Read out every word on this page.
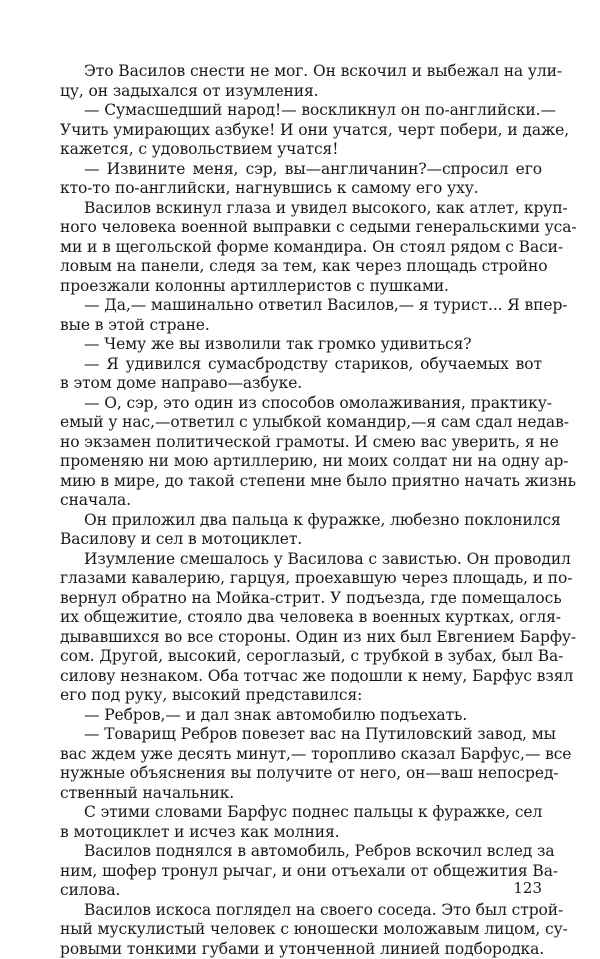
Это Василов снести не мог. Он вскочил и выбежал на ули-
цу, он задыхался от изумления.
— Сумасшедший народ!— воскликнул он по-английски.—
Учить умирающих азбуке! И они учатся, черт побери, и даже,
кажется, с удовольствием учатся!
— Извините меня, сэр, вы—англичанин?—спросил его
кто-то по-английски, нагнувшись к самому его уху.
Василов вскинул глаза и увидел высокого, как атлет, круп-
ного человека военной выправки с седыми генеральскими уса-
ми и в щегольской форме командира. Он стоял рядом с Васи-
ловым на панели, следя за тем, как через площадь стройно
проезжали колонны артиллеристов с пушками.
— Да,— машинально ответил Василов,— я турист... Я впер-
вые в этой стране.
— Чему же вы изволили так громко удивиться?
— Я удивился сумасбродству стариков, обучаемых вот
в этом доме направо—азбуке.
— О, сэр, это один из способов омолаживания, практику-
емый у нас,—ответил с улыбкой командир,—я сам сдал недав-
но экзамен политической грамоты. И смею вас уверить, я не
променяю ни мою артиллерию, ни моих солдат ни на одну ар-
мию в мире, до такой степени мне было приятно начать жизнь
сначала.
Он приложил два пальца к фуражке, любезно поклонился
Василову и сел в мотоциклет.
Изумление смешалось у Василова с завистью. Он проводил
глазами кавалерию, гарцуя, проехавшую через площадь, и по-
вернул обратно на Мойка-стрит. У подъезда, где помещалось
их общежитие, стояло два человека в военных куртках, огля-
дывавшихся во все стороны. Один из них был Евгением Барфу-
сом. Другой, высокий, сероглазый, с трубкой в зубах, был Ва-
силову незнаком. Оба тотчас же подошли к нему, Барфус взял
его под руку, высокий представился:
— Ребров,— и дал знак автомобилю подъехать.
— Товарищ Ребров повезет вас на Путиловский завод, мы
вас ждем уже десять минут,— торопливо сказал Барфус,— все
нужные объяснения вы получите от него, он—ваш непосред-
ственный начальник.
С этими словами Барфус поднес пальцы к фуражке, сел
в мотоциклет и исчез как молния.
Василов поднялся в автомобиль, Ребров вскочил вслед за
ним, шофер тронул рычаг, и они отъехали от общежития Ва-
силова.
Василов искоса поглядел на своего соседа. Это был строй-
ный мускулистый человек с юношески моложавым лицом, су-
ровыми тонкими губами и утонченной линией подбородка.
123
